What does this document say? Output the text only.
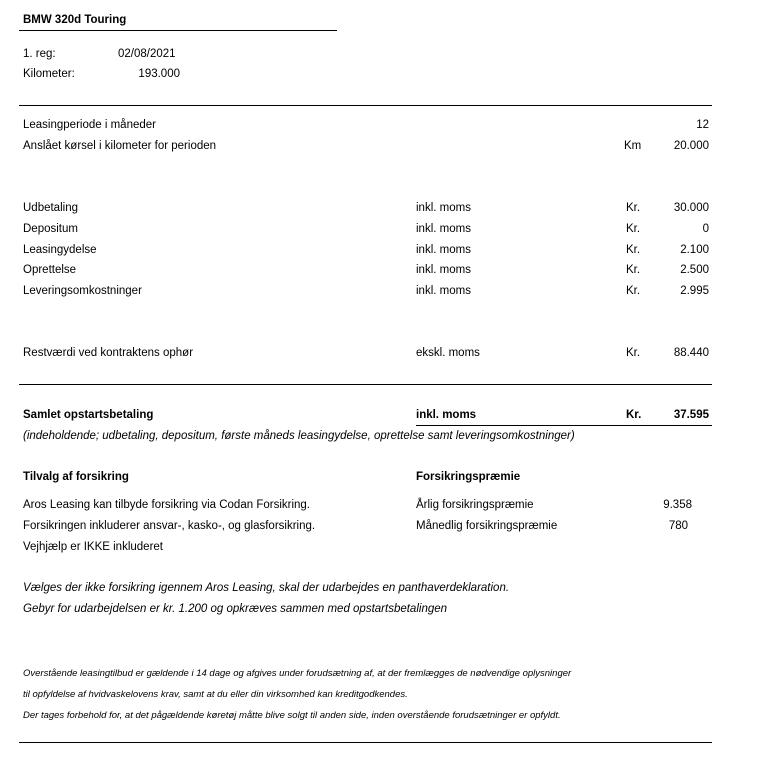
BMW 320d Touring
1. reg:	02/08/2021
Kilometer:	193.000
Leasingperiode i måneder	12
Anslået kørsel i kilometer for perioden	Km	20.000
Udbetaling	inkl. moms	Kr.	30.000
Depositum	inkl. moms	Kr.	0
Leasingydelse	inkl. moms	Kr.	2.100
Oprettelse	inkl. moms	Kr.	2.500
Leveringsomkostninger	inkl. moms	Kr.	2.995
Restværdi ved kontraktens ophør	ekskl. moms	Kr.	88.440
Samlet opstartsbetaling	inkl. moms	Kr.	37.595
(indeholdende; udbetaling, depositum, første måneds leasingydelse, oprettelse samt leveringsomkostninger)
Tilvalg af forsikring	Forsikringspræmie
Aros Leasing kan tilbyde forsikring via Codan Forsikring.
Forsikringen inkluderer ansvar-, kasko-, og glasforsikring.
Vejhjælp er IKKE inkluderet
Årlig forsikringspræmie	9.358
Månedlig forsikringspræmie	780
Vælges der ikke forsikring igennem Aros Leasing, skal der udarbejdes en panthaverdeklaration.
Gebyr for udarbejdelsen er kr. 1.200 og opkræves sammen med opstartsbetalingen
Overstående leasingtilbud er gældende i 14 dage og afgives under forudsætning af, at der fremlægges de nødvendige oplysninger
til opfyldelse af hvidvaskelovens krav, samt at du eller din virksomhed kan kreditgodkendes.
Der tages forbehold for, at det pågældende køretøj måtte blive solgt til anden side, inden overstående forudsætninger er opfyldt.
